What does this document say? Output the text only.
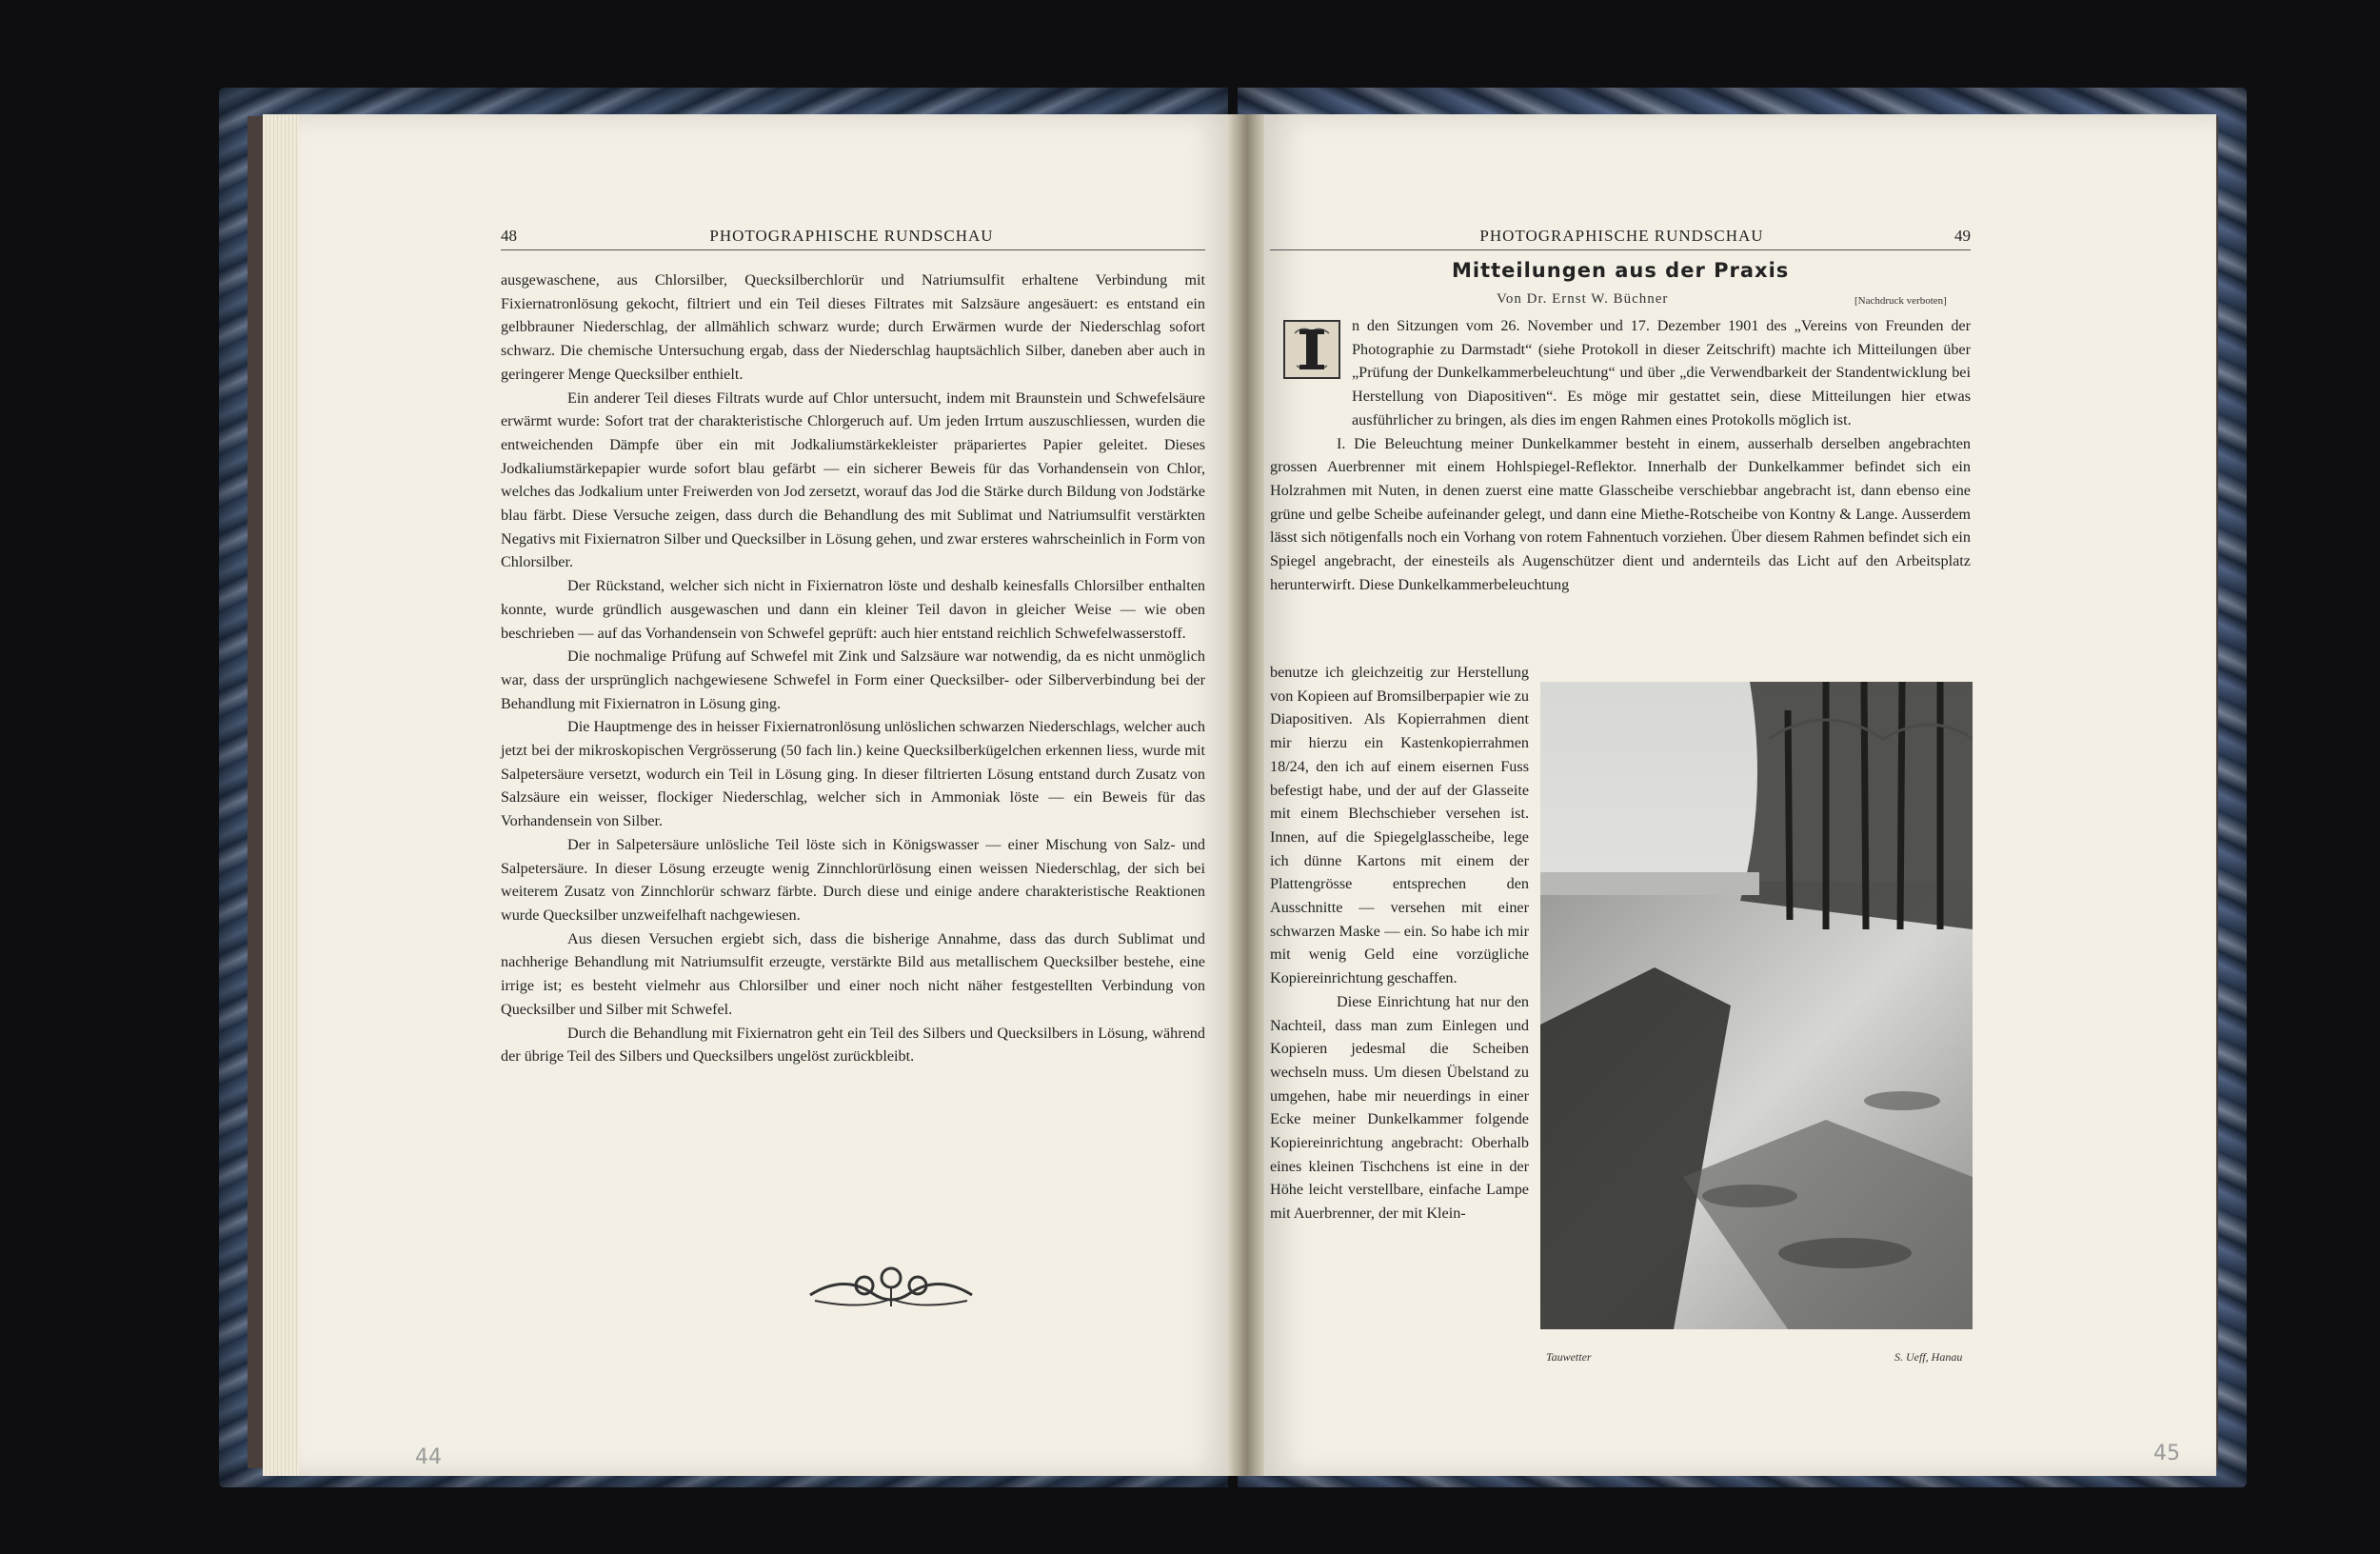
48	PHOTOGRAPHISCHE RUNDSCHAU

ausgewaschene, aus Chlorsilber, Quecksilberchlorür und Natriumsulfit erhaltene Verbindung mit Fixiernatronlösung gekocht, filtriert und ein Teil dieses Filtrates mit Salzsäure angesäuert: es entstand ein gelbbrauner Niederschlag, der allmählich schwarz wurde; durch Erwärmen wurde der Niederschlag sofort schwarz. Die chemische Untersuchung ergab, dass der Niederschlag hauptsächlich Silber, daneben aber auch in geringerer Menge Quecksilber enthielt.

Ein anderer Teil dieses Filtrats wurde auf Chlor untersucht, indem mit Braunstein und Schwefelsäure erwärmt wurde: Sofort trat der charakteristische Chlorgeruch auf. Um jeden Irrtum auszuschliessen, wurden die entweichenden Dämpfe über ein mit Jodkaliumstärkekleister präpariertes Papier geleitet. Dieses Jodkaliumstärkepapier wurde sofort blau gefärbt — ein sicherer Beweis für das Vorhandensein von Chlor, welches das Jodkalium unter Freiwerden von Jod zersetzt, worauf das Jod die Stärke durch Bildung von Jodstärke blau färbt. Diese Versuche zeigen, dass durch die Behandlung des mit Sublimat und Natriumsulfit verstärkten Negativs mit Fixiernatron Silber und Quecksilber in Lösung gehen, und zwar ersteres wahrscheinlich in Form von Chlorsilber.

Der Rückstand, welcher sich nicht in Fixiernatron löste und deshalb keinesfalls Chlorsilber enthalten konnte, wurde gründlich ausgewaschen und dann ein kleiner Teil davon in gleicher Weise — wie oben beschrieben — auf das Vorhandensein von Schwefel geprüft: auch hier entstand reichlich Schwefelwasserstoff.

Die nochmalige Prüfung auf Schwefel mit Zink und Salzsäure war notwendig, da es nicht unmöglich war, dass der ursprünglich nachgewiesene Schwefel in Form einer Quecksilber- oder Silberverbindung bei der Behandlung mit Fixiernatron in Lösung ging.

Die Hauptmenge des in heisser Fixiernatronlösung unlöslichen schwarzen Niederschlags, welcher auch jetzt bei der mikroskopischen Vergrösserung (50 fach lin.) keine Quecksilberkügelchen erkennen liess, wurde mit Salpetersäure versetzt, wodurch ein Teil in Lösung ging. In dieser filtrierten Lösung entstand durch Zusatz von Salzsäure ein weisser, flockiger Niederschlag, welcher sich in Ammoniak löste — ein Beweis für das Vorhandensein von Silber.

Der in Salpetersäure unlösliche Teil löste sich in Königswasser — einer Mischung von Salz- und Salpetersäure. In dieser Lösung erzeugte wenig Zinnchlorürlösung einen weissen Niederschlag, der sich bei weiterem Zusatz von Zinnchlorür schwarz färbte. Durch diese und einige andere charakteristische Reaktionen wurde Quecksilber unzweifelhaft nachgewiesen.

Aus diesen Versuchen ergiebt sich, dass die bisherige Annahme, dass das durch Sublimat und nachherige Behandlung mit Natriumsulfit erzeugte, verstärkte Bild aus metallischem Quecksilber bestehe, eine irrige ist; es besteht vielmehr aus Chlorsilber und einer noch nicht näher festgestellten Verbindung von Quecksilber und Silber mit Schwefel.

Durch die Behandlung mit Fixiernatron geht ein Teil des Silbers und Quecksilbers in Lösung, während der übrige Teil des Silbers und Quecksilbers ungelöst zurückbleibt.

44
PHOTOGRAPHISCHE RUNDSCHAU	49
Mitteilungen aus der Praxis
Von Dr. Ernst W. Büchner	[Nachdruck verboten]

n den Sitzungen vom 26. November und 17. Dezember 1901 des „Vereins von Freunden der Photographie zu Darmstadt“ (siehe Protokoll in dieser Zeitschrift) machte ich Mitteilungen über „Prüfung der Dunkelkammerbeleuchtung“ und über „die Verwendbarkeit der Standentwicklung bei Herstellung von Diapositiven“. Es möge mir gestattet sein, diese Mitteilungen hier etwas ausführlicher zu bringen, als dies im engen Rahmen eines Protokolls möglich ist.

I. Die Beleuchtung meiner Dunkelkammer besteht in einem, ausserhalb derselben angebrachten grossen Auerbrenner mit einem Hohlspiegel-Reflektor. Innerhalb der Dunkelkammer befindet sich ein Holzrahmen mit Nuten, in denen zuerst eine matte Glasscheibe verschiebbar angebracht ist, dann ebenso eine grüne und gelbe Scheibe aufeinander gelegt, und dann eine Miethe-Rotscheibe von Kontny & Lange. Ausserdem lässt sich nötigenfalls noch ein Vorhang von rotem Fahnentuch vorziehen. Über diesem Rahmen befindet sich ein Spiegel angebracht, der einesteils als Augenschützer dient und andernteils das Licht auf den Arbeitsplatz herunterwirft. Diese Dunkelkammerbeleuchtung

benutze ich gleichzeitig zur Herstellung von Kopieen auf Bromsilberpapier wie zu Diapositiven. Als Kopierrahmen dient mir hierzu ein Kastenkopierrahmen 18/24, den ich auf einem eisernen Fuss befestigt habe, und der auf der Glasseite mit einem Blechschieber versehen ist. Innen, auf die Spiegelglasscheibe, lege ich dünne Kartons mit einem der Plattengrösse entsprechen den Ausschnitte — versehen mit einer schwarzen Maske — ein. So habe ich mir mit wenig Geld eine vorzügliche Kopiereinrichtung geschaffen.

Diese Einrichtung hat nur den Nachteil, dass man zum Einlegen und Kopieren jedesmal die Scheiben wechseln muss. Um diesen Übelstand zu umgehen, habe mir neuerdings in einer Ecke meiner Dunkelkammer folgende Kopiereinrichtung angebracht: Oberhalb eines kleinen Tischchens ist eine in der Höhe leicht verstellbare, einfache Lampe mit Auerbrenner, der mit Klein-

Tauwetter	S. Ueff, Hanau
45
